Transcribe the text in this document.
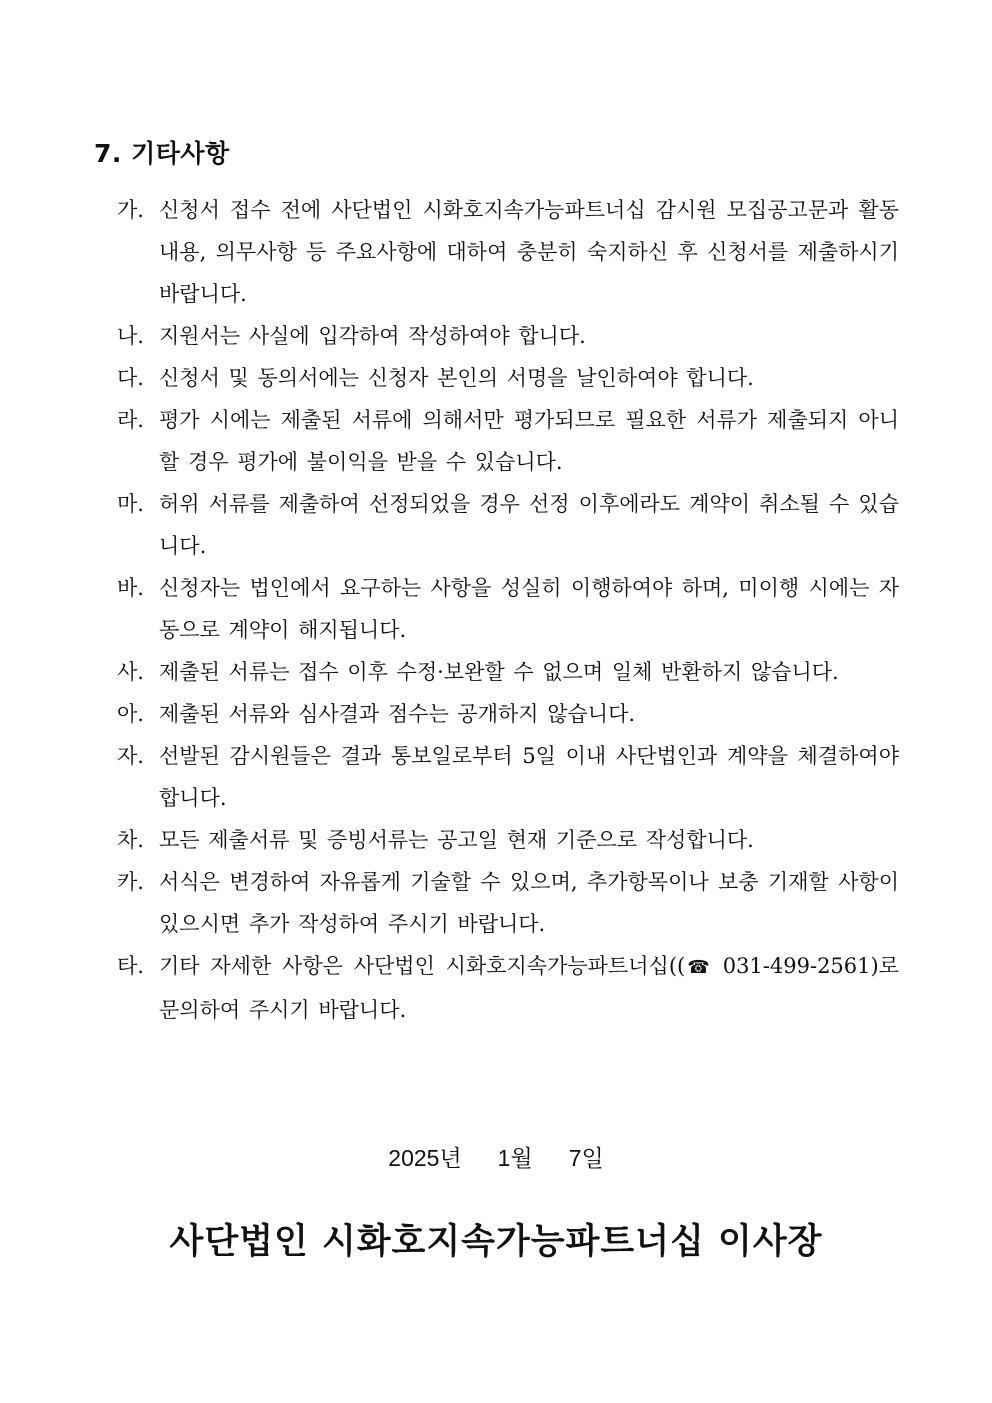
7. 기타사항
가. 신청서 접수 전에 사단법인 시화호지속가능파트너십 감시원 모집공고문과 활동내용, 의무사항 등 주요사항에 대하여 충분히 숙지하신 후 신청서를 제출하시기 바랍니다.
나. 지원서는 사실에 입각하여 작성하여야 합니다.
다. 신청서 및 동의서에는 신청자 본인의 서명을 날인하여야 합니다.
라. 평가 시에는 제출된 서류에 의해서만 평가되므로 필요한 서류가 제출되지 아니할 경우 평가에 불이익을 받을 수 있습니다.
마. 허위 서류를 제출하여 선정되었을 경우 선정 이후에라도 계약이 취소될 수 있습니다.
바. 신청자는 법인에서 요구하는 사항을 성실히 이행하여야 하며, 미이행 시에는 자동으로 계약이 해지됩니다.
사. 제출된 서류는 접수 이후 수정·보완할 수 없으며 일체 반환하지 않습니다.
아. 제출된 서류와 심사결과 점수는 공개하지 않습니다.
자. 선발된 감시원들은 결과 통보일로부터 5일 이내 사단법인과 계약을 체결하여야 합니다.
차. 모든 제출서류 및 증빙서류는 공고일 현재 기준으로 작성합니다.
카. 서식은 변경하여 자유롭게 기술할 수 있으며, 추가항목이나 보충 기재할 사항이 있으시면 추가 작성하여 주시기 바랍니다.
타. 기타 자세한 사항은 사단법인 시화호지속가능파트너십((☎ 031-499-2561)로 문의하여 주시기 바랍니다.
2025년 1월 7일
사단법인 시화호지속가능파트너십 이사장
